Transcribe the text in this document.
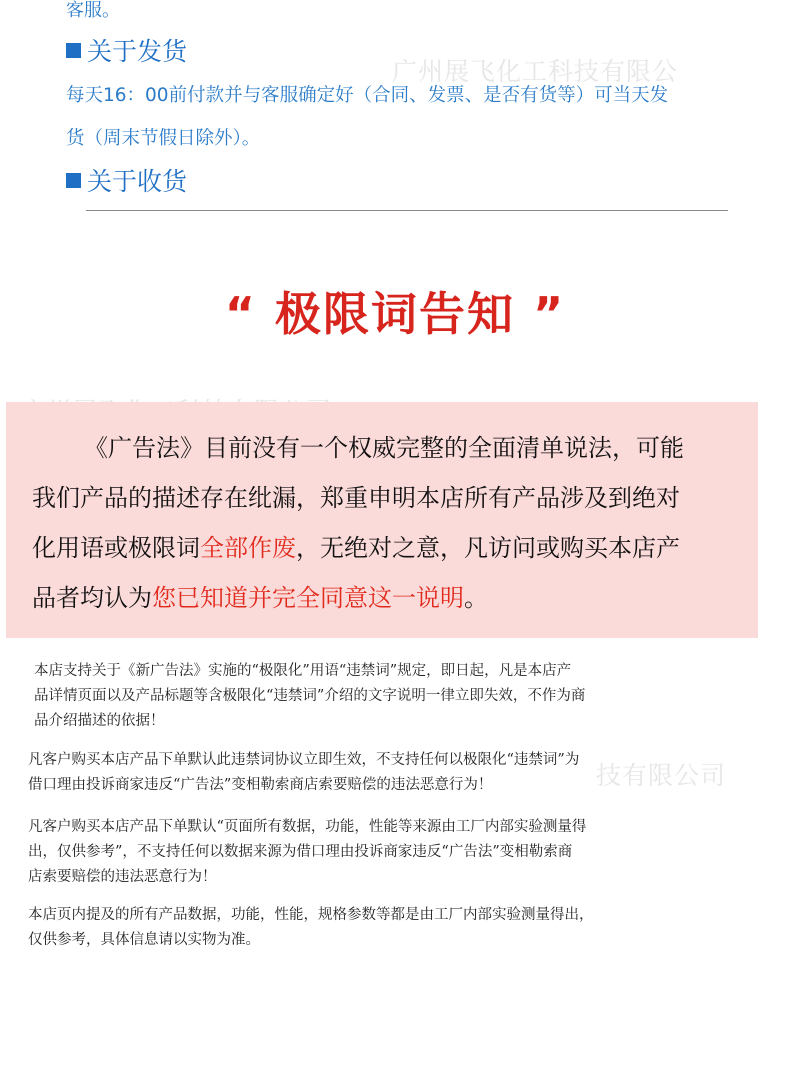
广州展飞化工科技有限公
技有限公司
客服。
关于发货
每天16：00前付款并与客服确定好（合同、发票、是否有货等）可当天发
货（周末节假日除外）。
关于收货
“ 极限词告知 ”
《广告法》目前没有一个权威完整的全面清单说法，可能
我们产品的描述存在纰漏，郑重申明本店所有产品涉及到绝对
化用语或极限词全部作废，无绝对之意，凡访问或购买本店产
品者均认为您已知道并完全同意这一说明。
本店支持关于《新广告法》实施的“极限化”用语“违禁词”规定，即日起，凡是本店产
品详情页面以及产品标题等含极限化“违禁词”介绍的文字说明一律立即失效，不作为商
品介绍描述的依据！
凡客户购买本店产品下单默认此违禁词协议立即生效，不支持任何以极限化“违禁词”为
借口理由投诉商家违反“广告法”变相勒索商店索要赔偿的违法恶意行为！
凡客户购买本店产品下单默认“页面所有数据，功能，性能等来源由工厂内部实验测量得
出，仅供参考”，不支持任何以数据来源为借口理由投诉商家违反“广告法”变相勒索商
店索要赔偿的违法恶意行为！
本店页内提及的所有产品数据，功能，性能，规格参数等都是由工厂内部实验测量得出，
仅供参考，具体信息请以实物为准。
